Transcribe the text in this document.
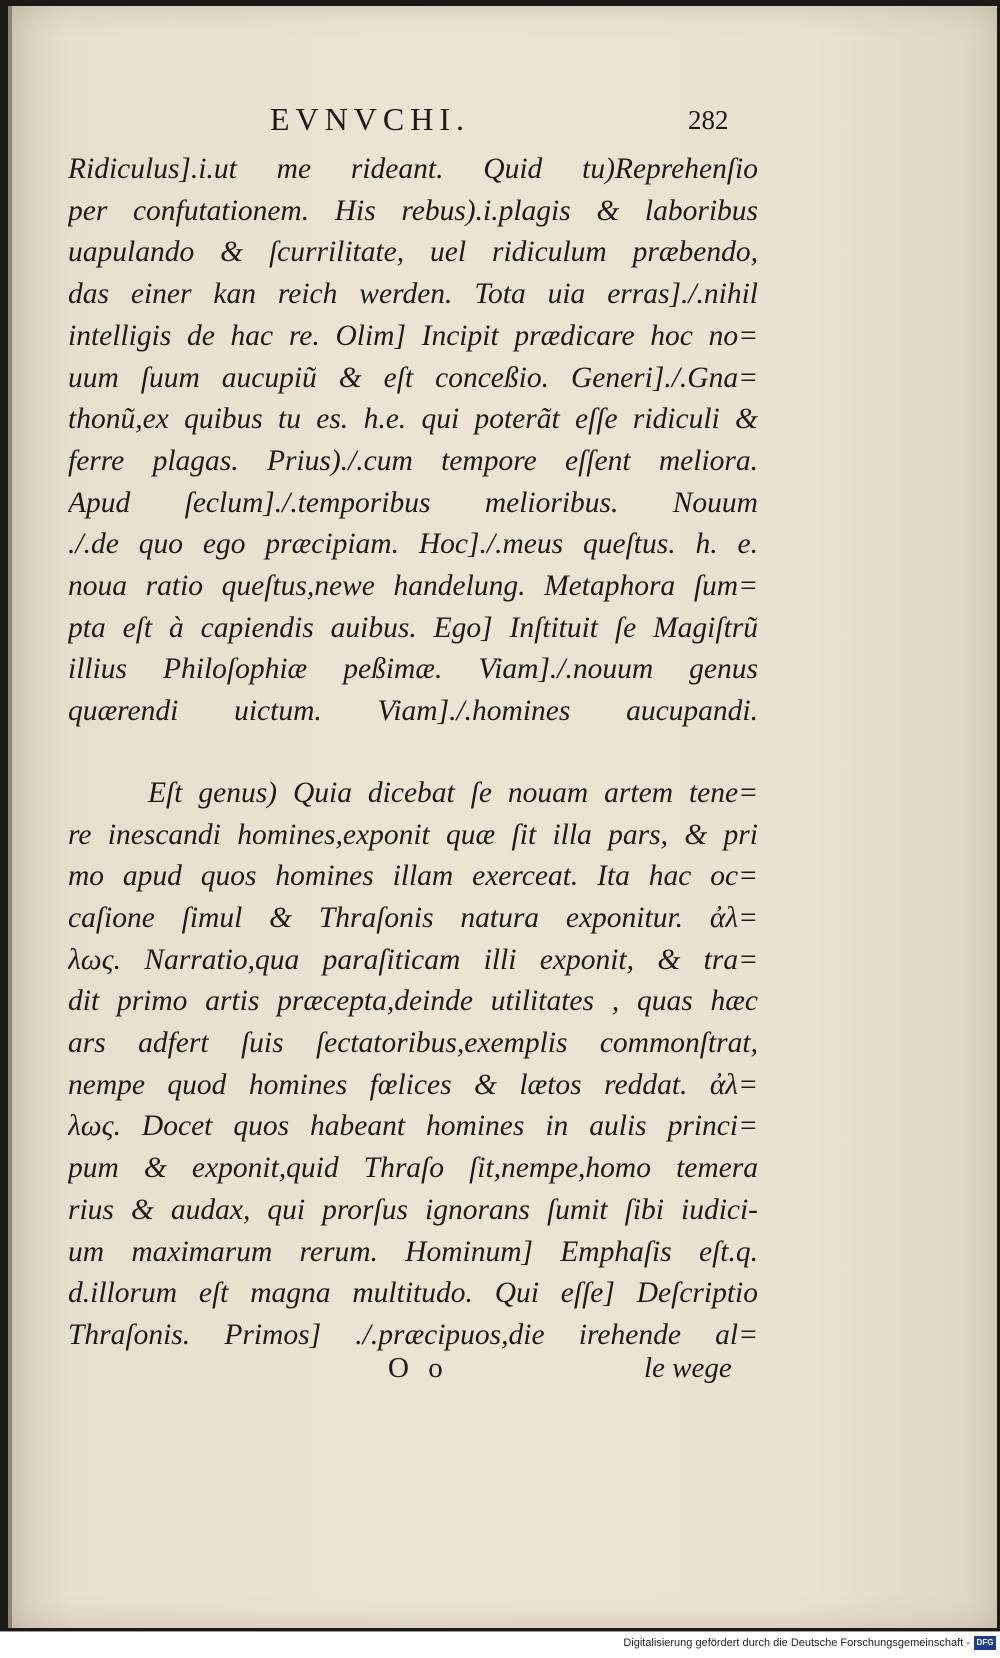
EVNVCHI.	282
Ridiculus].i.ut me rideant. Quid tu)Reprehenſio
per confutationem. His rebus).i.plagis & laboribus
uapulando & ſcurrilitate, uel ridiculum præbendo,
das einer kan reich werden. Tota uia erras]./.nihil
intelligis de hac re. Olim] Incipit prædicare hoc no=
uum ſuum aucupiũ & eſt conceßio. Generi]./.Gna=
thonũ,ex quibus tu es. h.e. qui poterãt eſſe ridiculi &
ferre plagas. Prius)./.cum tempore eſſent meliora.
Apud ſeclum]./.temporibus melioribus. Nouum
./.de quo ego præcipiam. Hoc]./.meus queſtus. h. e.
noua ratio queſtus,newe handelung. Metaphora ſum=
pta eſt à capiendis auibus. Ego] Inſtituit ſe Magiſtrũ
illius Philoſophiæ peßimæ. Viam]./.nouum genus
quærendi uictum. Viam]./.homines aucupandi.
Eſt genus) Quia dicebat ſe nouam artem tene=
re inescandi homines,exponit quæ ſit illa pars, & pri
mo apud quos homines illam exerceat. Ita hac oc=
caſione ſimul & Thraſonis natura exponitur. ἀλ=
λως. Narratio,qua paraſiticam illi exponit, & tra=
dit primo artis præcepta,deinde utilitates , quas hæc
ars adfert ſuis ſectatoribus,exemplis commonſtrat,
nempe quod homines fœlices & lætos reddat. ἀλ=
λως. Docet quos habeant homines in aulis princi=
pum & exponit,quid Thraſo ſit,nempe,homo temera
rius & audax, qui prorſus ignorans ſumit ſibi iudici-
um maximarum rerum. Hominum] Emphaſis eſt.q.
d.illorum eſt magna multitudo. Qui eſſe] Deſcriptio
Thraſonis. Primos] ./.præcipuos,die irehende al=
O o	le wege
Digitalisierung gefördert durch die Deutsche Forschungsgemeinschaft - DFG
